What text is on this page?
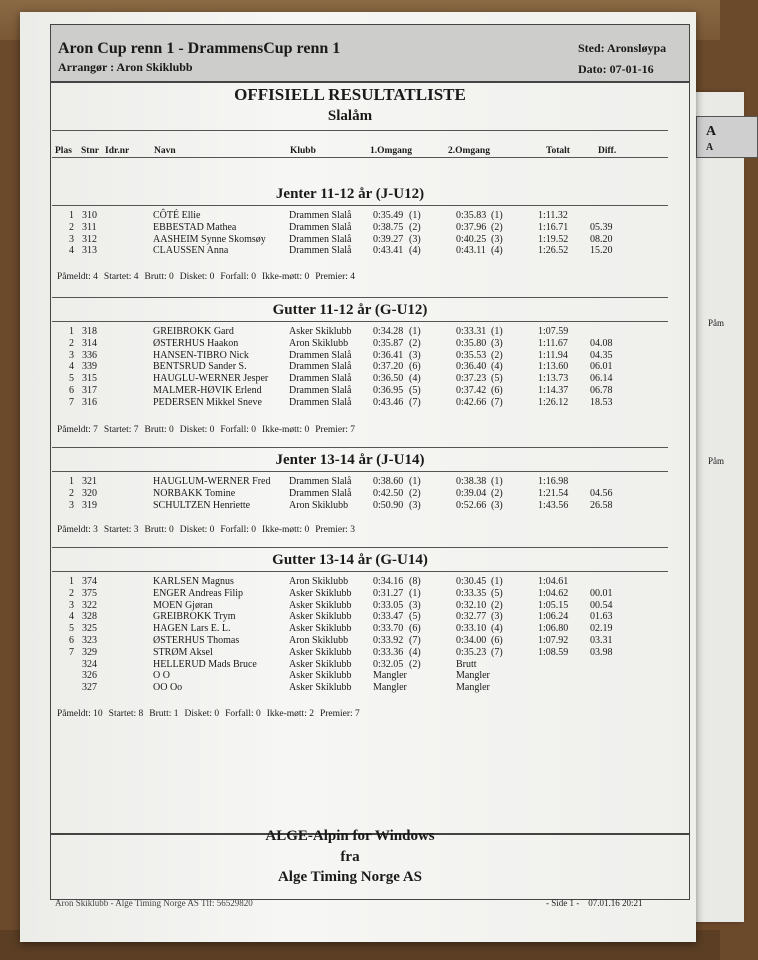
A
A
Påm
Påm
Aron Cup renn 1 - DrammensCup renn 1
Arrangør : Aron Skiklubb
Sted: Aronsløypa
Dato: 07-01-16
OFFISIELL RESULTATLISTE
Slalåm
Plas Stnr Idr.nr	Navn	Klubb	1.Omgang	2.Omgang	Totalt	Diff.
Jenter 11-12 år (J-U12)
1 310	CÔTÉ Ellie	Drammen Slalå 0:35.49 (1)	0:35.83 (1)	1:11.32
2 311	EBBESTAD Mathea	Drammen Slalå 0:38.75 (2)	0:37.96 (2)	1:16.71 05.39
3 312	AASHEIM Synne Skomsøy Drammen Slalå 0:39.27 (3)	0:40.25 (3)	1:19.52 08.20
4 313	CLAUSSEN Anna	Drammen Slalå 0:43.41 (4)	0:43.11 (4)	1:26.52 15.20
Påmeldt: 4 Startet: 4 Brutt: 0 Disket: 0 Forfall: 0 Ikke-møtt: 0 Premier: 4
Gutter 11-12 år (G-U12)
1 318	GREIBROKK Gard	Asker Skiklubb 0:34.28 (1)	0:33.31 (1)	1:07.59
2 314	ØSTERHUS Haakon	Aron Skiklubb 0:35.87 (2)	0:35.80 (3)	1:11.67 04.08
3 336	HANSEN-TIBRO Nick	Drammen Slalå 0:36.41 (3)	0:35.53 (2)	1:11.94 04.35
4 339	BENTSRUD Sander S.	Drammen Slalå 0:37.20 (6)	0:36.40 (4)	1:13.60 06.01
5 315	HAUGLU-WERNER Jesper Drammen Slalå 0:36.50 (4)	0:37.23 (5)	1:13.73 06.14
6 317	MALMER-HØVIK Erlend	Drammen Slalå 0:36.95 (5)	0:37.42 (6)	1:14.37 06.78
7 316	PEDERSEN Mikkel Sneve	Drammen Slalå 0:43.46 (7)	0:42.66 (7)	1:26.12 18.53
Påmeldt: 7 Startet: 7 Brutt: 0 Disket: 0 Forfall: 0 Ikke-møtt: 0 Premier: 7
Jenter 13-14 år (J-U14)
1 321	HAUGLUM-WERNER Fred Drammen Slalå 0:38.60 (1)	0:38.38 (1)	1:16.98
2 320	NORBAKK Tomine	Drammen Slalå 0:42.50 (2)	0:39.04 (2)	1:21.54 04.56
3 319	SCHULTZEN Henriette	Aron Skiklubb 0:50.90 (3)	0:52.66 (3)	1:43.56 26.58
Påmeldt: 3 Startet: 3 Brutt: 0 Disket: 0 Forfall: 0 Ikke-møtt: 0 Premier: 3
Gutter 13-14 år (G-U14)
1 374	KARLSEN Magnus	Aron Skiklubb 0:34.16 (8)	0:30.45 (1)	1:04.61
2 375	ENGER Andreas Filip	Asker Skiklubb 0:31.27 (1)	0:33.35 (5)	1:04.62 00.01
3 322	MOEN Gjøran	Asker Skiklubb 0:33.05 (3)	0:32.10 (2)	1:05.15 00.54
4 328	GREIBROKK Trym	Asker Skiklubb 0:33.47 (5)	0:32.77 (3)	1:06.24 01.63
5 325	HAGEN Lars E. L.	Asker Skiklubb 0:33.70 (6)	0:33.10 (4)	1:06.80 02.19
6 323	ØSTERHUS Thomas	Aron Skiklubb 0:33.92 (7)	0:34.00 (6)	1:07.92 03.31
7 329	STRØM Aksel	Asker Skiklubb 0:33.36 (4)	0:35.23 (7)	1:08.59 03.98
324	HELLERUD Mads Bruce	Asker Skiklubb 0:32.05 (2)	Brutt
326	O O	Asker Skiklubb Mangler	Mangler
327	OO Oo	Asker Skiklubb Mangler	Mangler
Påmeldt: 10 Startet: 8 Brutt: 1 Disket: 0 Forfall: 0 Ikke-møtt: 2 Premier: 7
ALGE-Alpin for Windows
fra
Alge Timing Norge AS
Aron Skiklubb - Alge Timing Norge AS Tlf: 56529820	- Side 1 - 07.01.16 20:21
